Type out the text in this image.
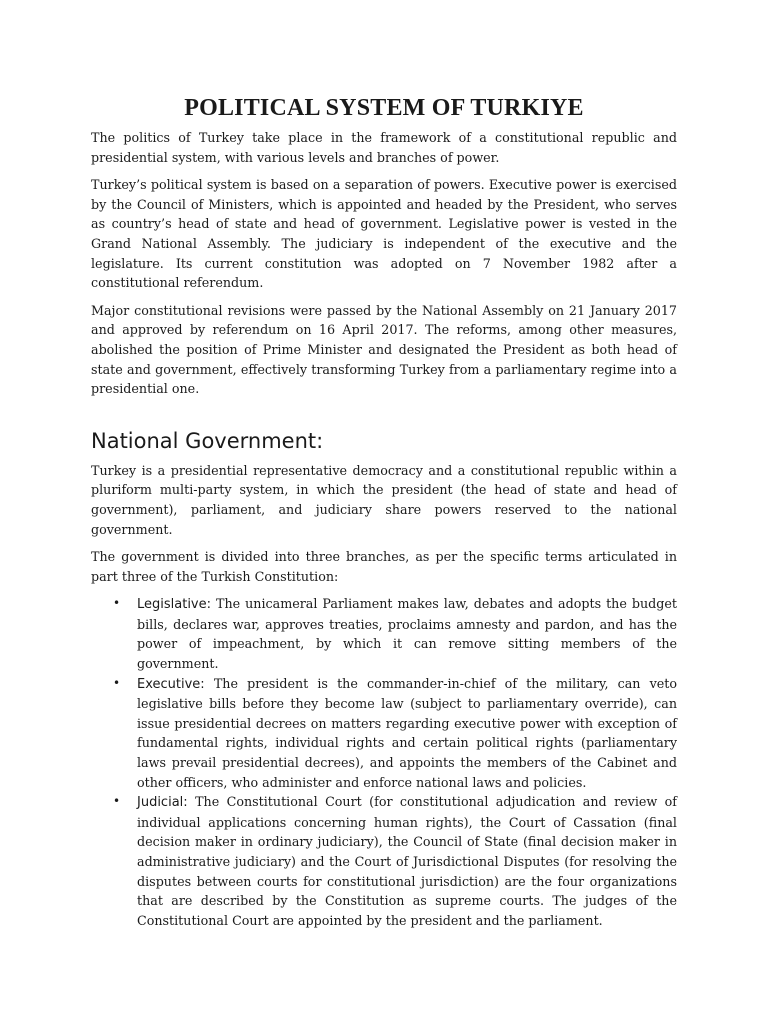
POLITICAL SYSTEM OF TURKIYE

The politics of Turkey take place in the framework of a constitutional republic and presidential system, with various levels and branches of power.

Turkey’s political system is based on a separation of powers. Executive power is exercised by the Council of Ministers, which is appointed and headed by the President, who serves as country’s head of state and head of government. Legislative power is vested in the Grand National Assembly. The judiciary is independent of the executive and the legislature. Its current constitution was adopted on 7 November 1982 after a constitutional referendum.

Major constitutional revisions were passed by the National Assembly on 21 January 2017 and approved by referendum on 16 April 2017. The reforms, among other measures, abolished the position of Prime Minister and designated the President as both head of state and government, effectively transforming Turkey from a parliamentary regime into a presidential one.

National Government:

Turkey is a presidential representative democracy and a constitutional republic within a pluriform multi-party system, in which the president (the head of state and head of government), parliament, and judiciary share powers reserved to the national government.

The government is divided into three branches, as per the specific terms articulated in part three of the Turkish Constitution:

• Legislative: The unicameral Parliament makes law, debates and adopts the budget bills, declares war, approves treaties, proclaims amnesty and pardon, and has the power of impeachment, by which it can remove sitting members of the government.
• Executive: The president is the commander-in-chief of the military, can veto legislative bills before they become law (subject to parliamentary override), can issue presidential decrees on matters regarding executive power with exception of fundamental rights, individual rights and certain political rights (parliamentary laws prevail presidential decrees), and appoints the members of the Cabinet and other officers, who administer and enforce national laws and policies.
• Judicial: The Constitutional Court (for constitutional adjudication and review of individual applications concerning human rights), the Court of Cassation (final decision maker in ordinary judiciary), the Council of State (final decision maker in administrative judiciary) and the Court of Jurisdictional Disputes (for resolving the disputes between courts for constitutional jurisdiction) are the four organizations that are described by the Constitution as supreme courts. The judges of the Constitutional Court are appointed by the president and the parliament.
